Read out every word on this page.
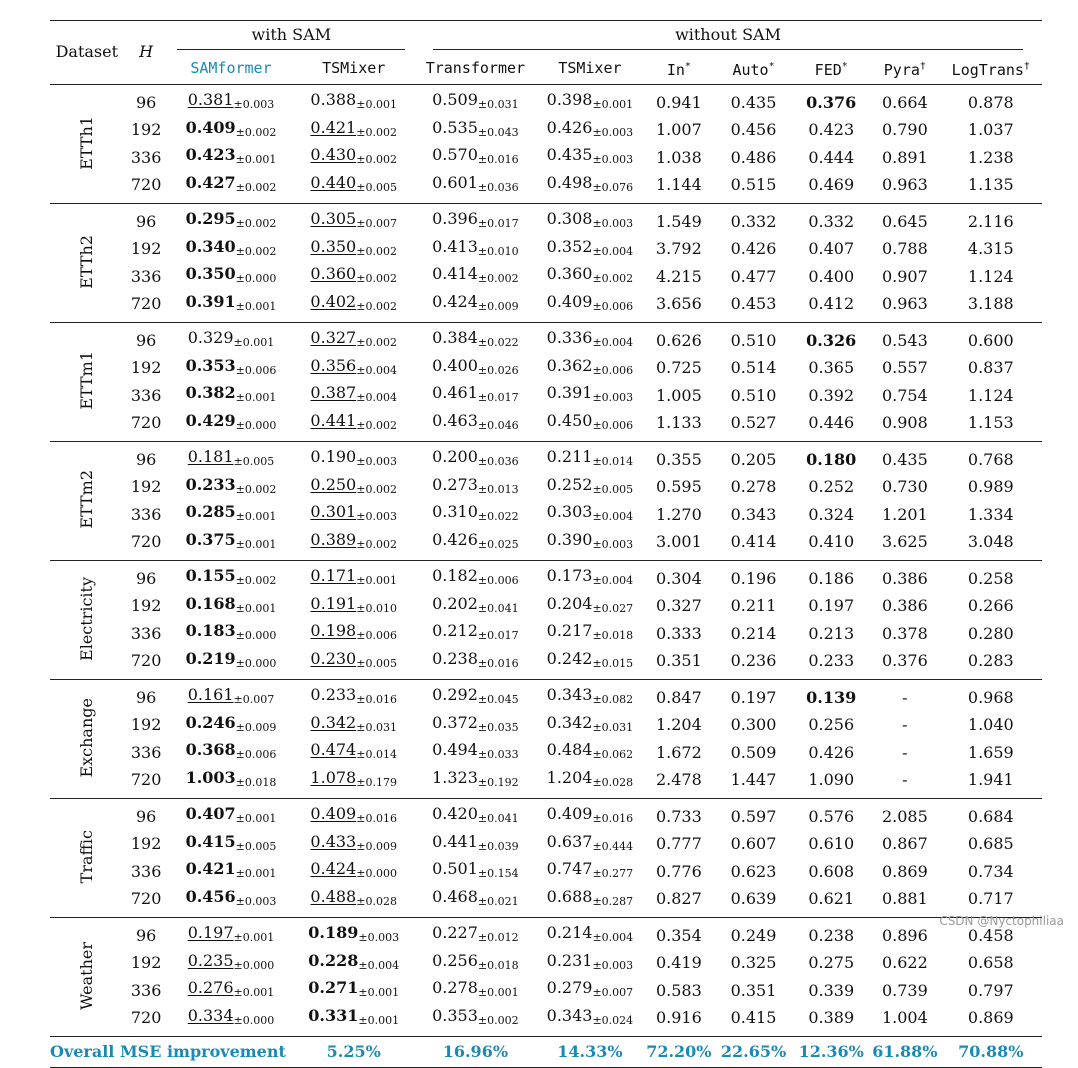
Dataset	H	with SAM		without SAM						
		SAMformer	TSMixer	Transformer	TSMixer	In*	Auto*	FED*	Pyra†	LogTrans†
ETTh1	96	0.381±0.003	0.388±0.001	0.509±0.031	0.398±0.001	0.941	0.435	0.376	0.664	0.878
	192	0.409±0.002	0.421±0.002	0.535±0.043	0.426±0.003	1.007	0.456	0.423	0.790	1.037
	336	0.423±0.001	0.430±0.002	0.570±0.016	0.435±0.003	1.038	0.486	0.444	0.891	1.238
	720	0.427±0.002	0.440±0.005	0.601±0.036	0.498±0.076	1.144	0.515	0.469	0.963	1.135
ETTh2	96	0.295±0.002	0.305±0.007	0.396±0.017	0.308±0.003	1.549	0.332	0.332	0.645	2.116
	192	0.340±0.002	0.350±0.002	0.413±0.010	0.352±0.004	3.792	0.426	0.407	0.788	4.315
	336	0.350±0.000	0.360±0.002	0.414±0.002	0.360±0.002	4.215	0.477	0.400	0.907	1.124
	720	0.391±0.001	0.402±0.002	0.424±0.009	0.409±0.006	3.656	0.453	0.412	0.963	3.188
ETTm1	96	0.329±0.001	0.327±0.002	0.384±0.022	0.336±0.004	0.626	0.510	0.326	0.543	0.600
	192	0.353±0.006	0.356±0.004	0.400±0.026	0.362±0.006	0.725	0.514	0.365	0.557	0.837
	336	0.382±0.001	0.387±0.004	0.461±0.017	0.391±0.003	1.005	0.510	0.392	0.754	1.124
	720	0.429±0.000	0.441±0.002	0.463±0.046	0.450±0.006	1.133	0.527	0.446	0.908	1.153
ETTm2	96	0.181±0.005	0.190±0.003	0.200±0.036	0.211±0.014	0.355	0.205	0.180	0.435	0.768
	192	0.233±0.002	0.250±0.002	0.273±0.013	0.252±0.005	0.595	0.278	0.252	0.730	0.989
	336	0.285±0.001	0.301±0.003	0.310±0.022	0.303±0.004	1.270	0.343	0.324	1.201	1.334
	720	0.375±0.001	0.389±0.002	0.426±0.025	0.390±0.003	3.001	0.414	0.410	3.625	3.048
Electricity	96	0.155±0.002	0.171±0.001	0.182±0.006	0.173±0.004	0.304	0.196	0.186	0.386	0.258
	192	0.168±0.001	0.191±0.010	0.202±0.041	0.204±0.027	0.327	0.211	0.197	0.386	0.266
	336	0.183±0.000	0.198±0.006	0.212±0.017	0.217±0.018	0.333	0.214	0.213	0.378	0.280
	720	0.219±0.000	0.230±0.005	0.238±0.016	0.242±0.015	0.351	0.236	0.233	0.376	0.283
Exchange	96	0.161±0.007	0.233±0.016	0.292±0.045	0.343±0.082	0.847	0.197	0.139	-	0.968
	192	0.246±0.009	0.342±0.031	0.372±0.035	0.342±0.031	1.204	0.300	0.256	-	1.040
	336	0.368±0.006	0.474±0.014	0.494±0.033	0.484±0.062	1.672	0.509	0.426	-	1.659
	720	1.003±0.018	1.078±0.179	1.323±0.192	1.204±0.028	2.478	1.447	1.090	-	1.941
Traffic	96	0.407±0.001	0.409±0.016	0.420±0.041	0.409±0.016	0.733	0.597	0.576	2.085	0.684
	192	0.415±0.005	0.433±0.009	0.441±0.039	0.637±0.444	0.777	0.607	0.610	0.867	0.685
	336	0.421±0.001	0.424±0.000	0.501±0.154	0.747±0.277	0.776	0.623	0.608	0.869	0.734
	720	0.456±0.003	0.488±0.028	0.468±0.021	0.688±0.287	0.827	0.639	0.621	0.881	0.717
Weather	96	0.197±0.001	0.189±0.003	0.227±0.012	0.214±0.004	0.354	0.249	0.238	0.896	0.458
	192	0.235±0.000	0.228±0.004	0.256±0.018	0.231±0.003	0.419	0.325	0.275	0.622	0.658
	336	0.276±0.001	0.271±0.001	0.278±0.001	0.279±0.007	0.583	0.351	0.339	0.739	0.797
	720	0.334±0.000	0.331±0.001	0.353±0.002	0.343±0.024	0.916	0.415	0.389	1.004	0.869
Overall MSE improvement			5.25%	16.96%	14.33%	72.20%	22.65%	12.36%	61.88%	70.88%
CSDN @Nyctophiliaa
